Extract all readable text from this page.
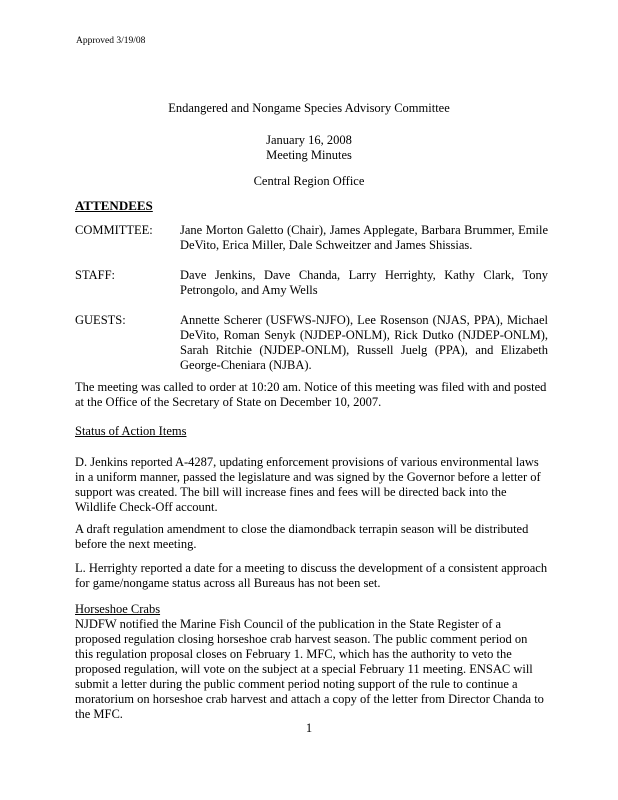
Approved 3/19/08
Endangered and Nongame Species Advisory Committee
January 16, 2008
Meeting Minutes
Central Region Office
ATTENDEES
COMMITTEE: Jane Morton Galetto (Chair), James Applegate, Barbara Brummer, Emile DeVito, Erica Miller, Dale Schweitzer and James Shissias.
STAFF:	Dave Jenkins, Dave Chanda, Larry Herrighty, Kathy Clark, Tony Petrongolo, and Amy Wells
GUESTS:	Annette Scherer (USFWS-NJFO), Lee Rosenson (NJAS, PPA), Michael DeVito, Roman Senyk (NJDEP-ONLM), Rick Dutko (NJDEP-ONLM), Sarah Ritchie (NJDEP-ONLM), Russell Juelg (PPA), and Elizabeth George-Cheniara (NJBA).
The meeting was called to order at 10:20 am. Notice of this meeting was filed with and posted at the Office of the Secretary of State on December 10, 2007.
Status of Action Items
D. Jenkins reported A-4287, updating enforcement provisions of various environmental laws in a uniform manner, passed the legislature and was signed by the Governor before a letter of support was created. The bill will increase fines and fees will be directed back into the Wildlife Check-Off account.
A draft regulation amendment to close the diamondback terrapin season will be distributed before the next meeting.
L. Herrighty reported a date for a meeting to discuss the development of a consistent approach for game/nongame status across all Bureaus has not been set.
Horseshoe Crabs
NJDFW notified the Marine Fish Council of the publication in the State Register of a proposed regulation closing horseshoe crab harvest season. The public comment period on this regulation proposal closes on February 1. MFC, which has the authority to veto the proposed regulation, will vote on the subject at a special February 11 meeting. ENSAC will submit a letter during the public comment period noting support of the rule to continue a moratorium on horseshoe crab harvest and attach a copy of the letter from Director Chanda to the MFC.
1
